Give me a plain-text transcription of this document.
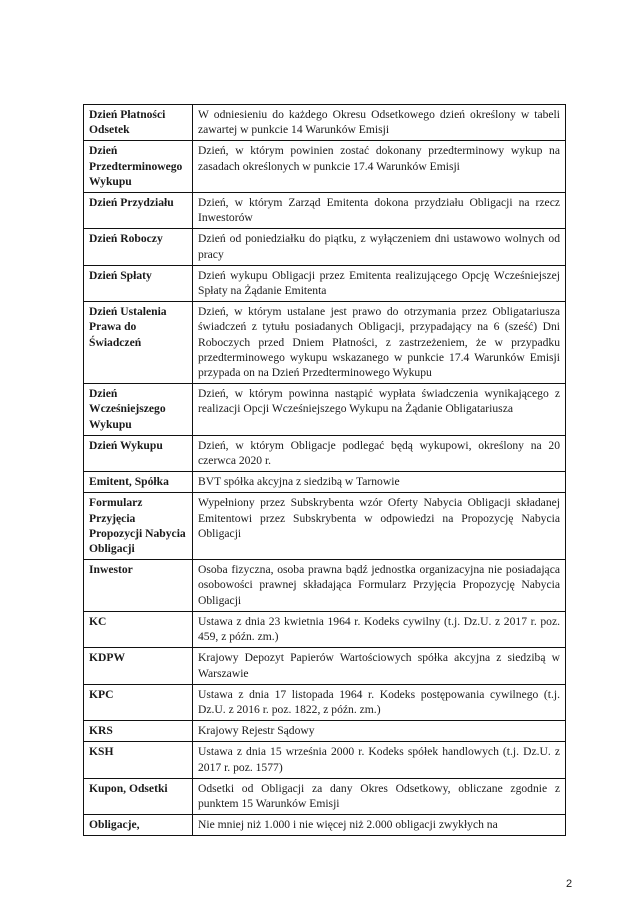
Dzień Płatności Odsetek	W odniesieniu do każdego Okresu Odsetkowego dzień określony w tabeli zawartej w punkcie 14 Warunków Emisji
Dzień Przedterminowego Wykupu	Dzień, w którym powinien zostać dokonany przedterminowy wykup na zasadach określonych w punkcie 17.4 Warunków Emisji
Dzień Przydziału	Dzień, w którym Zarząd Emitenta dokona przydziału Obligacji na rzecz Inwestorów
Dzień Roboczy	Dzień od poniedziałku do piątku, z wyłączeniem dni ustawowo wolnych od pracy
Dzień Spłaty	Dzień wykupu Obligacji przez Emitenta realizującego Opcję Wcześniejszej Spłaty na Żądanie Emitenta
Dzień Ustalenia Prawa do Świadczeń	Dzień, w którym ustalane jest prawo do otrzymania przez Obligatariusza świadczeń z tytułu posiadanych Obligacji, przypadający na 6 (sześć) Dni Roboczych przed Dniem Płatności, z zastrzeżeniem, że w przypadku przedterminowego wykupu wskazanego w punkcie 17.4 Warunków Emisji przypada on na Dzień Przedterminowego Wykupu
Dzień Wcześniejszego Wykupu	Dzień, w którym powinna nastąpić wypłata świadczenia wynikającego z realizacji Opcji Wcześniejszego Wykupu na Żądanie Obligatariusza
Dzień Wykupu	Dzień, w którym Obligacje podlegać będą wykupowi, określony na 20 czerwca 2020 r.
Emitent, Spółka	BVT spółka akcyjna z siedzibą w Tarnowie
Formularz Przyjęcia Propozycji Nabycia Obligacji	Wypełniony przez Subskrybenta wzór Oferty Nabycia Obligacji składanej Emitentowi przez Subskrybenta w odpowiedzi na Propozycję Nabycia Obligacji
Inwestor	Osoba fizyczna, osoba prawna bądź jednostka organizacyjna nie posiadająca osobowości prawnej składająca Formularz Przyjęcia Propozycję Nabycia Obligacji
KC	Ustawa z dnia 23 kwietnia 1964 r. Kodeks cywilny (t.j. Dz.U. z 2017 r. poz. 459, z późn. zm.)
KDPW	Krajowy Depozyt Papierów Wartościowych spółka akcyjna z siedzibą w Warszawie
KPC	Ustawa z dnia 17 listopada 1964 r. Kodeks postępowania cywilnego (t.j. Dz.U. z 2016 r. poz. 1822, z późn. zm.)
KRS	Krajowy Rejestr Sądowy
KSH	Ustawa z dnia 15 września 2000 r. Kodeks spółek handlowych (t.j. Dz.U. z 2017 r. poz. 1577)
Kupon, Odsetki	Odsetki od Obligacji za dany Okres Odsetkowy, obliczane zgodnie z punktem 15 Warunków Emisji
Obligacje,	Nie mniej niż 1.000 i nie więcej niż 2.000 obligacji zwykłych na
2
